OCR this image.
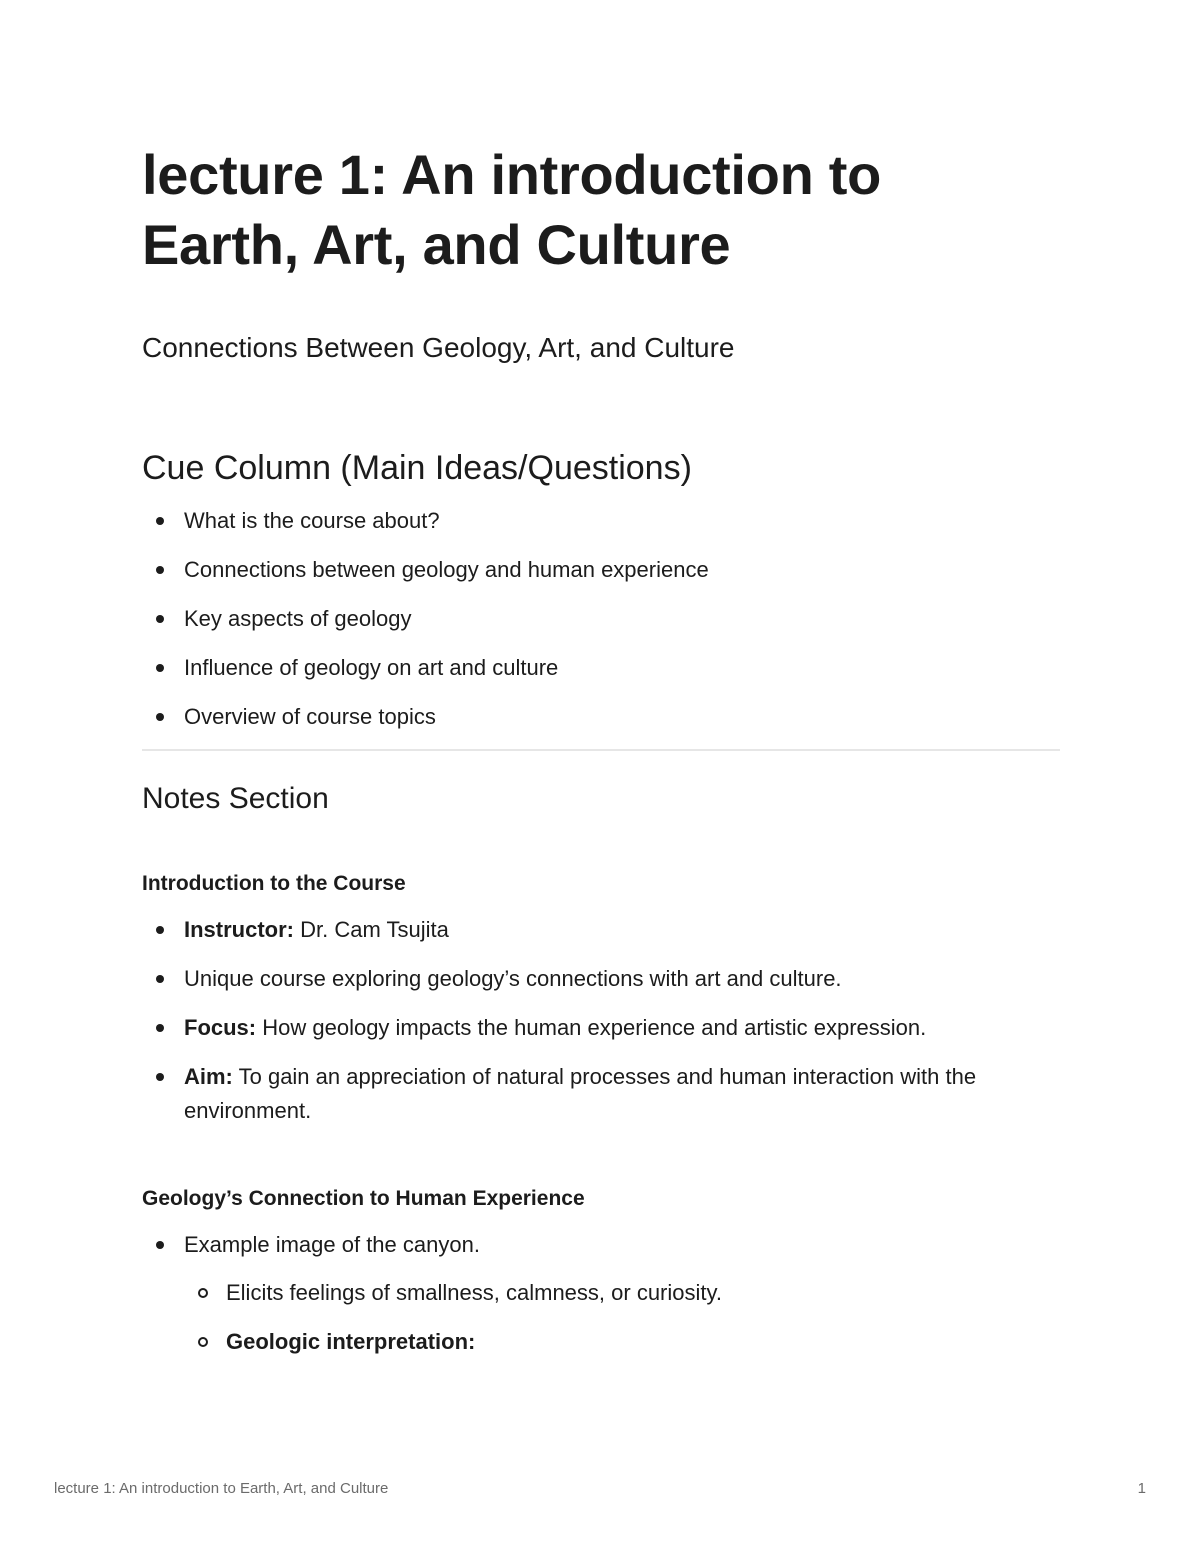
lecture 1: An introduction to
Earth, Art, and Culture
Connections Between Geology, Art, and Culture
Cue Column (Main Ideas/Questions)
What is the course about?
Connections between geology and human experience
Key aspects of geology
Influence of geology on art and culture
Overview of course topics
Notes Section
Introduction to the Course
Instructor: Dr. Cam Tsujita
Unique course exploring geology’s connections with art and culture.
Focus: How geology impacts the human experience and artistic expression.
Aim: To gain an appreciation of natural processes and human interaction with the environment.
Geology’s Connection to Human Experience
Example image of the canyon.
Elicits feelings of smallness, calmness, or curiosity.
Geologic interpretation:
lecture 1: An introduction to Earth, Art, and Culture	1
